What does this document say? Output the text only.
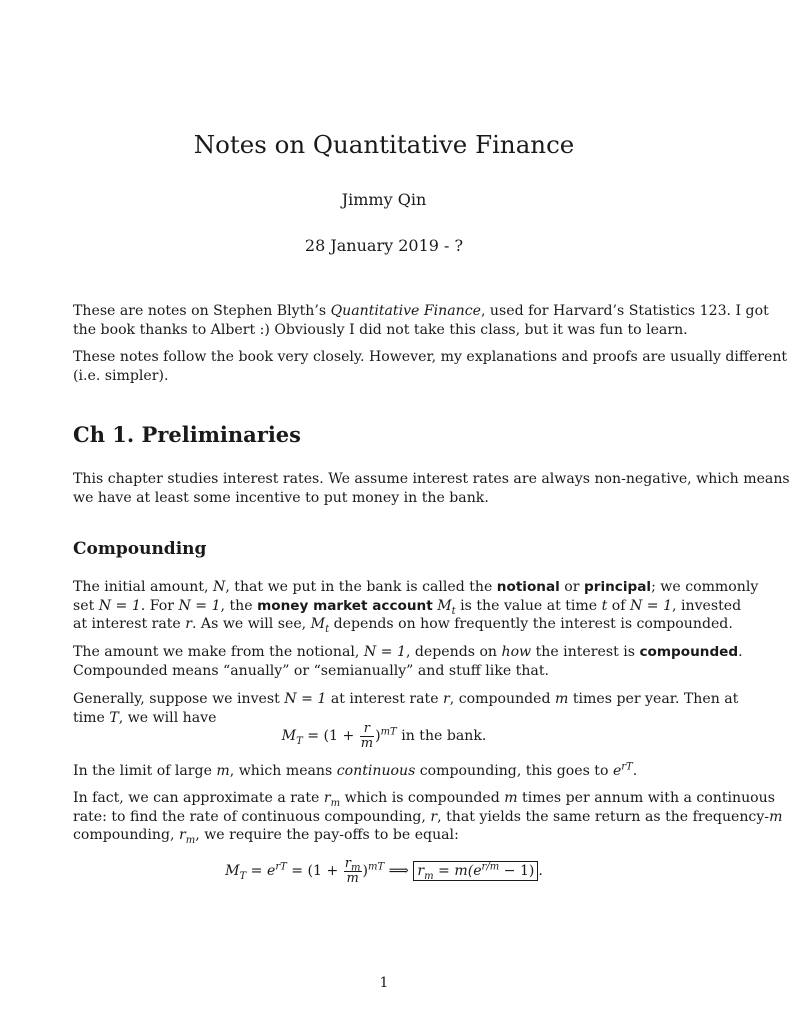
Notes on Quantitative Finance
Jimmy Qin
28 January 2019 - ?
These are notes on Stephen Blyth’s Quantitative Finance, used for Harvard’s Statistics 123. I got
the book thanks to Albert :) Obviously I did not take this class, but it was fun to learn.
These notes follow the book very closely. However, my explanations and proofs are usually different
(i.e. simpler).
Ch 1. Preliminaries
This chapter studies interest rates. We assume interest rates are always non-negative, which means
we have at least some incentive to put money in the bank.
Compounding
The initial amount, N, that we put in the bank is called the notional or principal; we commonly
set N = 1. For N = 1, the money market account $M_t$ is the value at time t of N = 1, invested
at interest rate r. As we will see, $M_t$ depends on how frequently the interest is compounded.
The amount we make from the notional, N = 1, depends on how the interest is compounded.
Compounded means “anually” or “semianually” and stuff like that.
Generally, suppose we invest N = 1 at interest rate r, compounded m times per year. Then at
time T, we will have
$M_T = (1 + \frac{r}{m} )^{mT}$ in the bank.
In the limit of large m, which means continuous compounding, this goes to $e^{rT}$.
In fact, we can approximate a rate $r_m$ which is compounded m times per annum with a continuous
rate: to find the rate of continuous compounding, r, that yields the same return as the frequency-m
compounding, $r_m$, we require the pay-offs to be equal:
$M_T = e^{rT} = (1 + \frac{r_m}{m} )^{mT}$ ⟹ $r_m = m(e^{r/m} - 1)$ .
1
